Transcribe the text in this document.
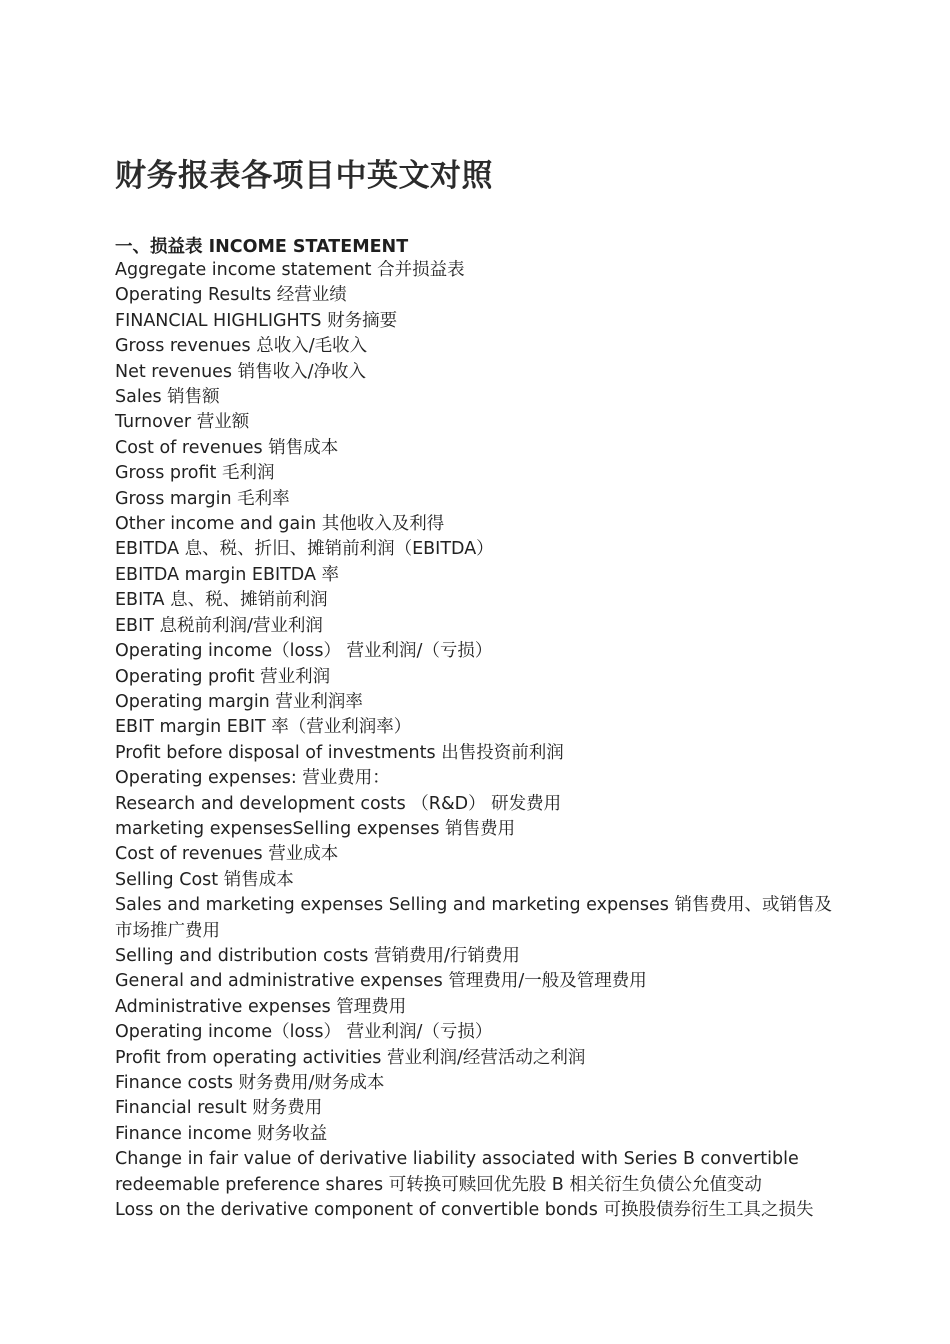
财务报表各项目中英文对照
一、损益表 INCOME STATEMENT
Aggregate income statement 合并损益表
Operating Results 经营业绩
FINANCIAL HIGHLIGHTS 财务摘要
Gross revenues 总收入/毛收入
Net revenues 销售收入/净收入
Sales 销售额
Turnover 营业额
Cost of revenues 销售成本
Gross profit 毛利润
Gross margin 毛利率
Other income and gain 其他收入及利得
EBITDA 息、税、折旧、摊销前利润（EBITDA）
EBITDA margin EBITDA 率
EBITA 息、税、摊销前利润
EBIT 息税前利润/营业利润
Operating income（loss） 营业利润/（亏损）
Operating profit 营业利润
Operating margin 营业利润率
EBIT margin EBIT 率（营业利润率）
Profit before disposal of investments 出售投资前利润
Operating expenses: 营业费用：
Research and development costs （R&D） 研发费用
marketing expensesSelling expenses 销售费用
Cost of revenues 营业成本
Selling Cost 销售成本
Sales and marketing expenses Selling and marketing expenses 销售费用、或销售及市场推广费用
Selling and distribution costs 营销费用/行销费用
General and administrative expenses 管理费用/一般及管理费用
Administrative expenses 管理费用
Operating income（loss） 营业利润/（亏损）
Profit from operating activities 营业利润/经营活动之利润
Finance costs 财务费用/财务成本
Financial result 财务费用
Finance income 财务收益
Change in fair value of derivative liability associated with Series B convertible redeemable preference shares 可转换可赎回优先股 B 相关衍生负债公允值变动
Loss on the derivative component of convertible bonds 可换股债券衍生工具之损失
